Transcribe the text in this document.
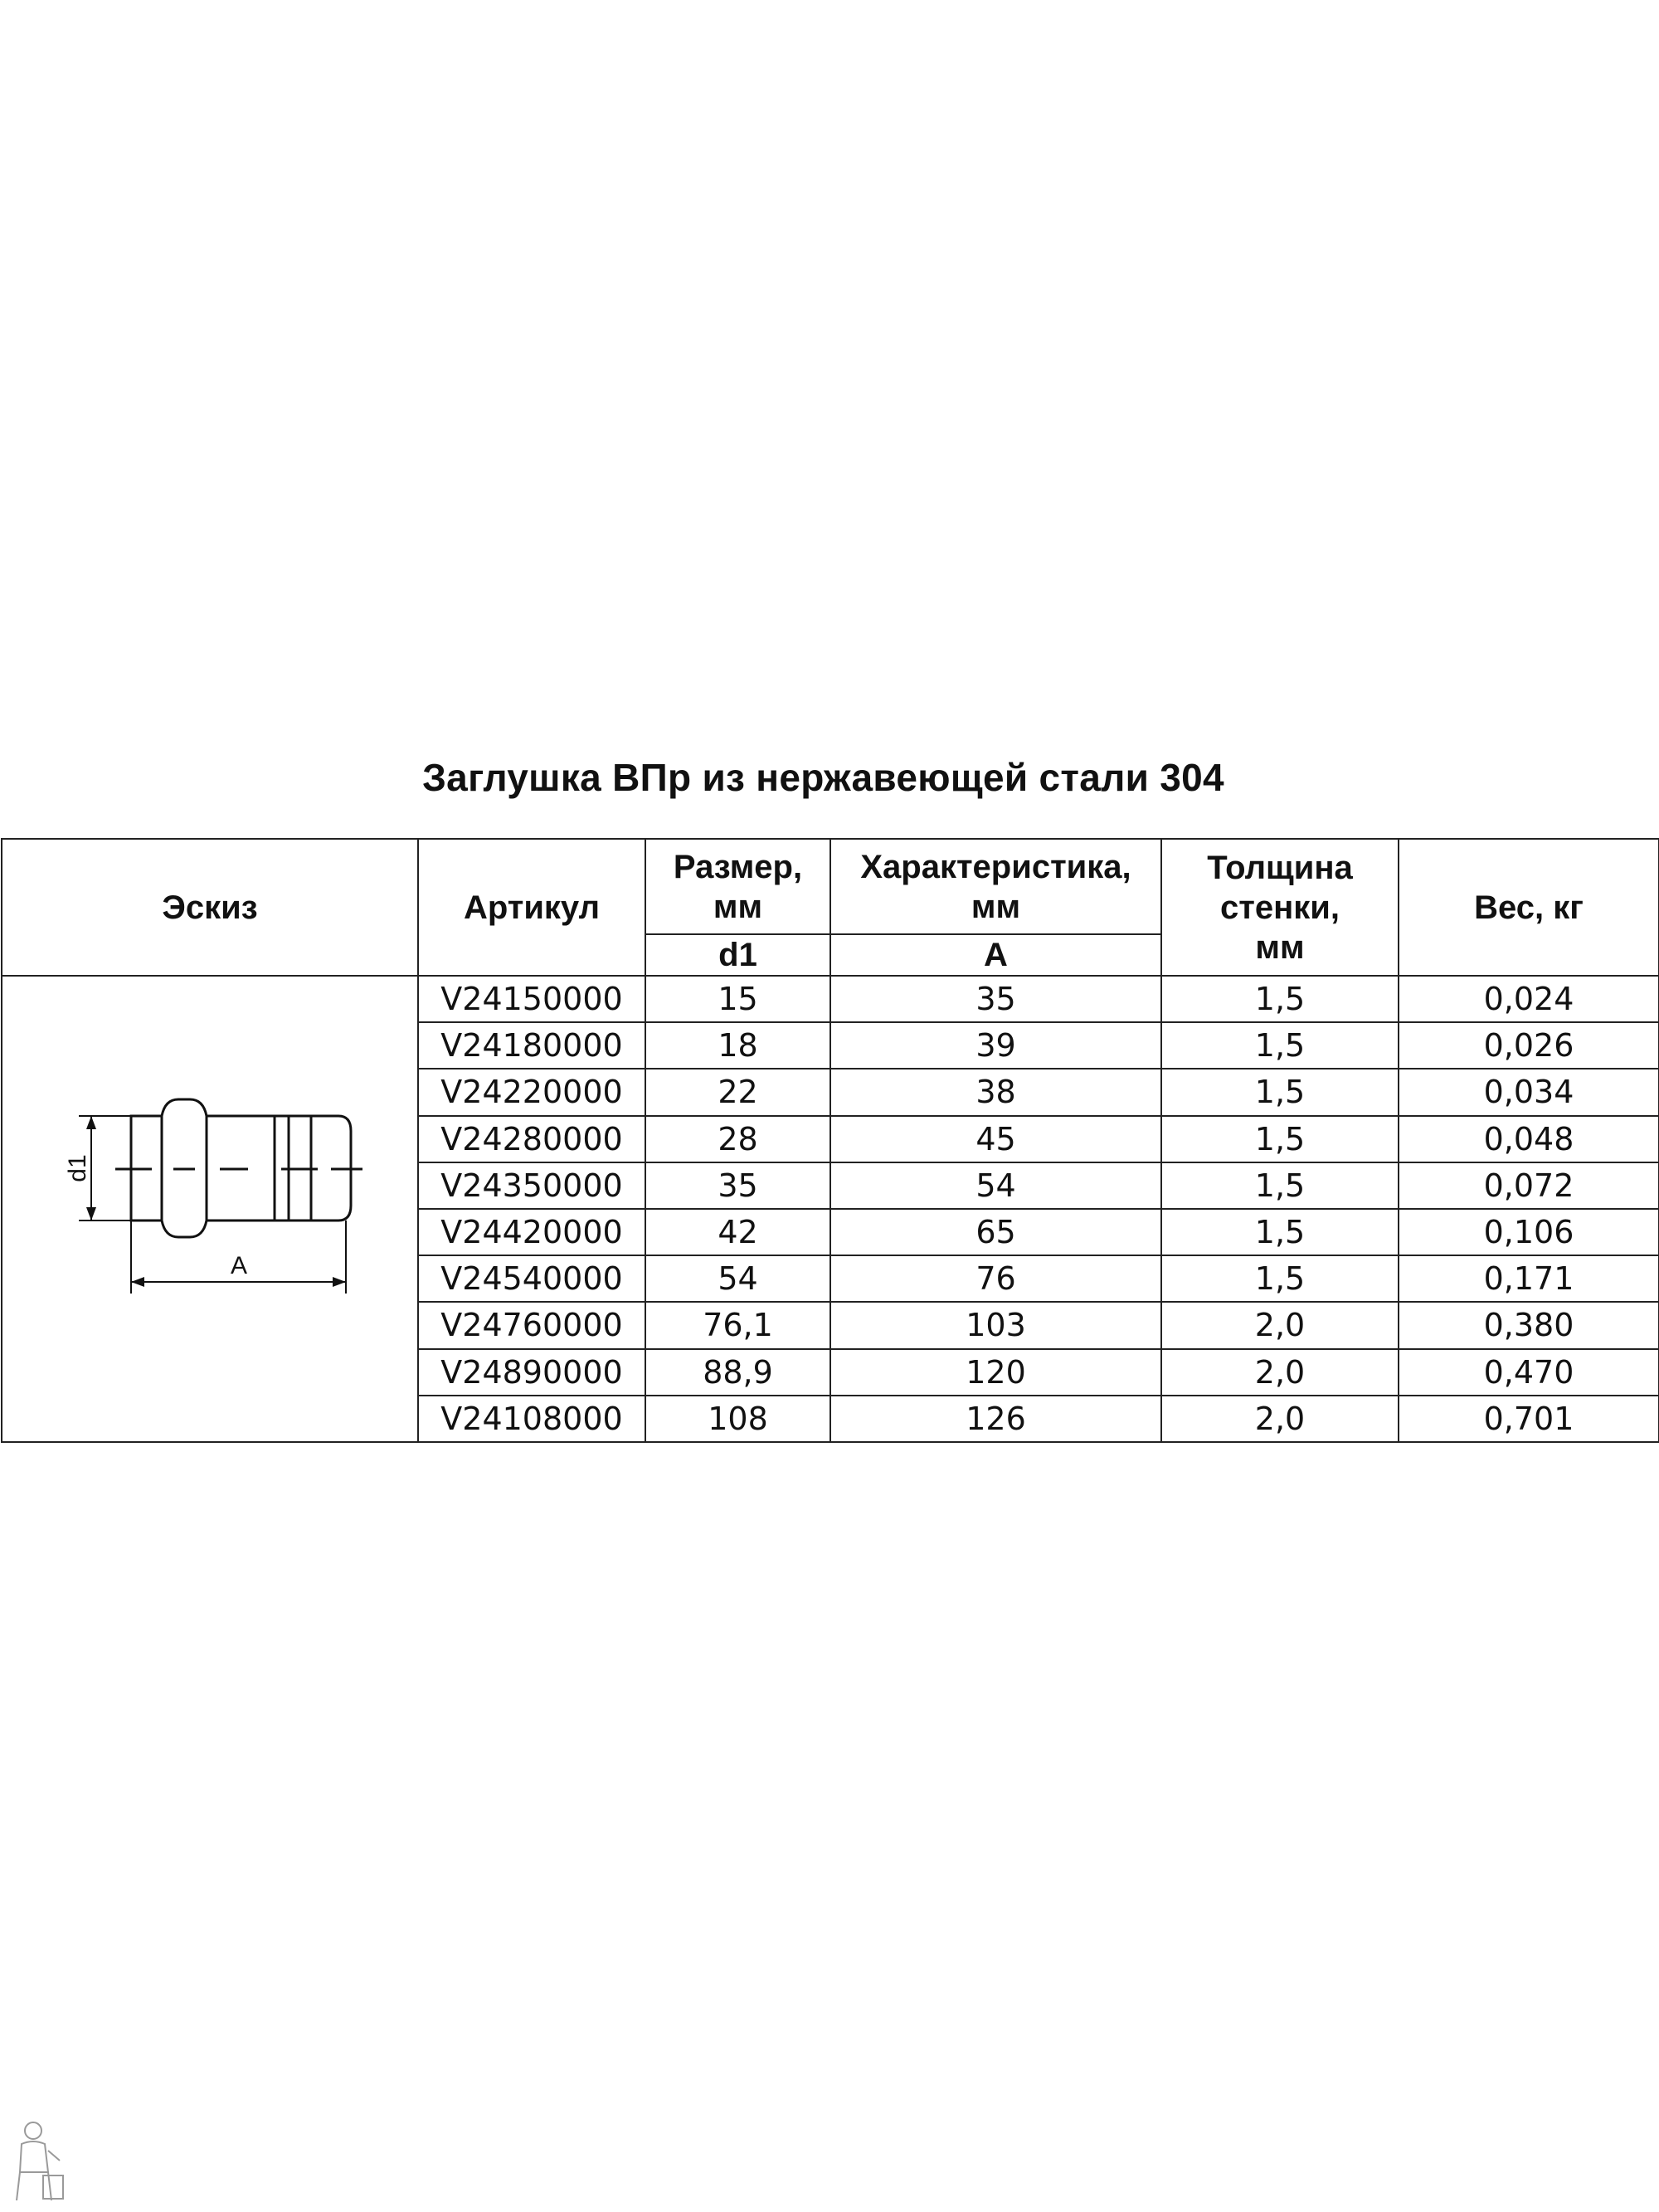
Заглушка ВПр из нержавеющей стали 304
Эскиз	Артикул	Размер, мм	Характеристика, мм	Толщина стенки, мм	Вес, кг
		d1	A		

d1
A	V24150000	15	35	1,5	0,024
	V24180000	18	39	1,5	0,026
	V24220000	22	38	1,5	0,034
	V24280000	28	45	1,5	0,048
	V24350000	35	54	1,5	0,072
	V24420000	42	65	1,5	0,106
	V24540000	54	76	1,5	0,171
	V24760000	76,1	103	2,0	0,380
	V24890000	88,9	120	2,0	0,470
	V24108000	108	126	2,0	0,701
